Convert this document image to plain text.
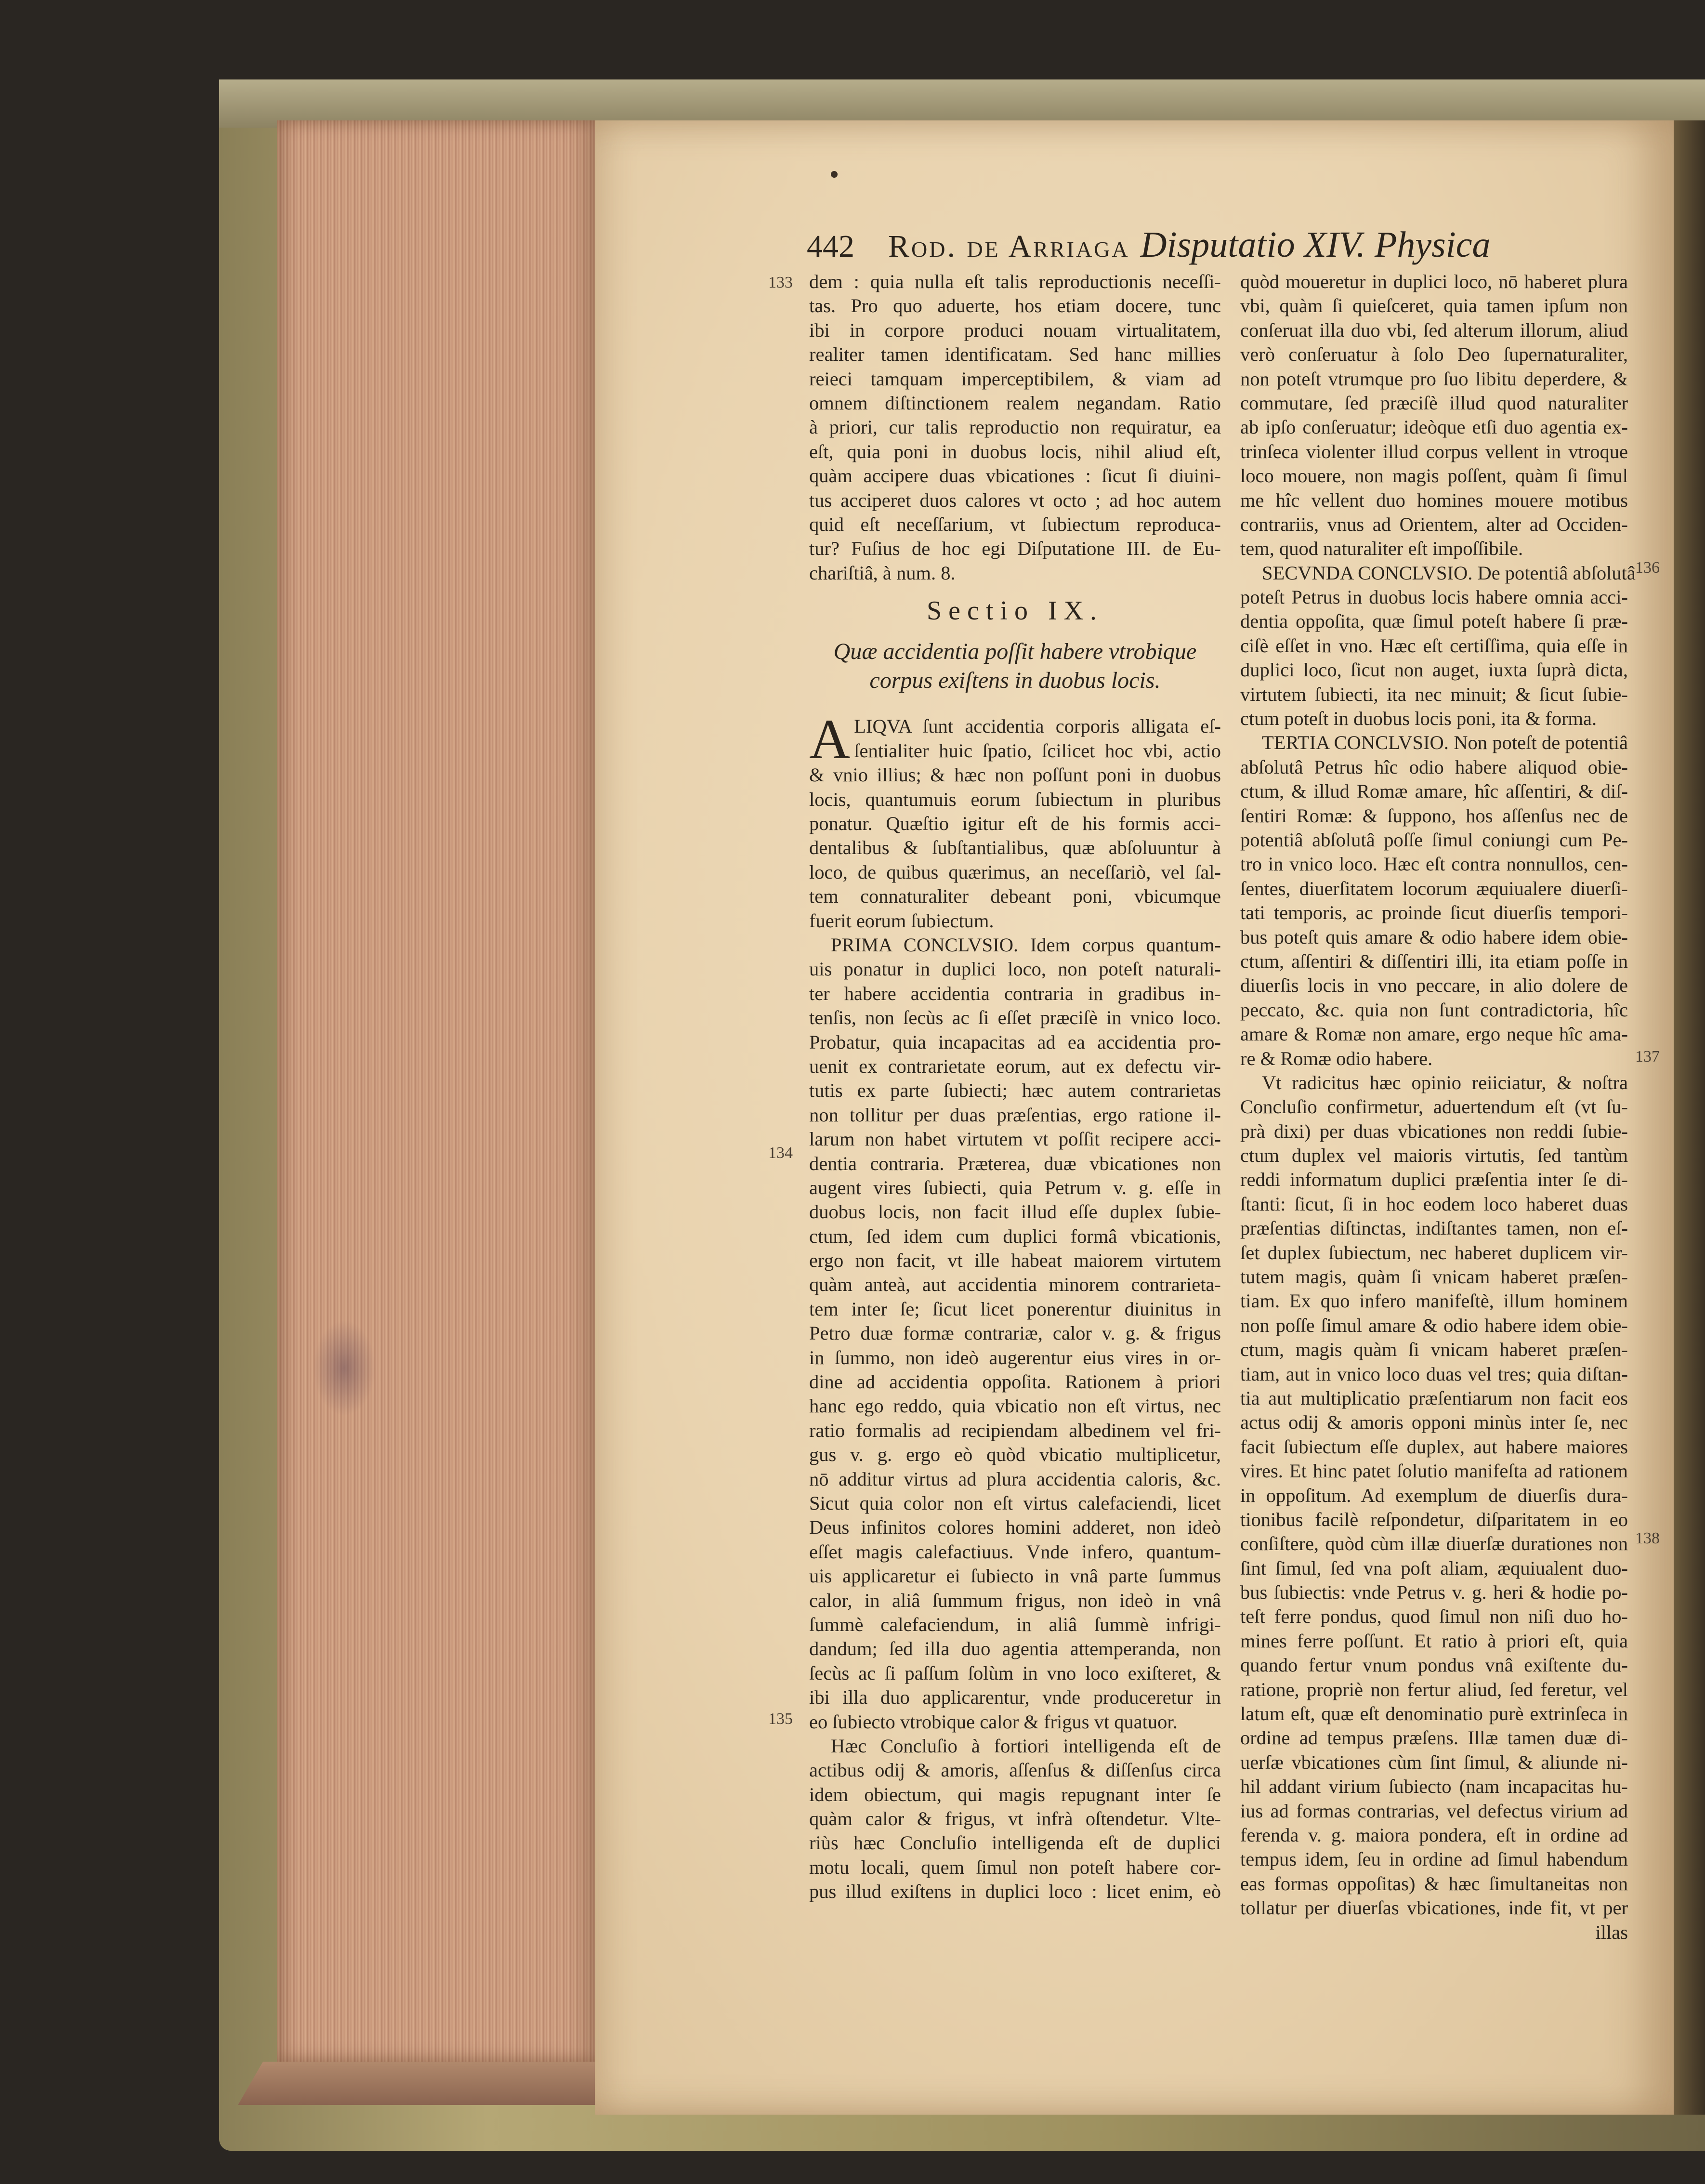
442 Rod. de Arriaga Disputatio XIV. Physica
133
134
135
136
137
138
dem : quia nulla eſt talis reproductionis neceſſi-
tas. Pro quo aduerte, hos etiam docere, tunc
ibi in corpore produci nouam virtualitatem,
realiter tamen identificatam. Sed hanc millies
reieci tamquam imperceptibilem, & viam ad
omnem diſtinctionem realem negandam. Ratio
à priori, cur talis reproductio non requiratur, ea
eſt, quia poni in duobus locis, nihil aliud eſt,
quàm accipere duas vbicationes : ſicut ſi diuini-
tus acciperet duos calores vt octo ; ad hoc autem
quid eſt neceſſarium, vt ſubiectum reproduca-
tur? Fuſius de hoc egi Diſputatione III. de Eu-
chariſtiâ, à num. 8.
Sectio IX.
Quæ accidentia poſſit habere vtrobique
corpus exiſtens in duobus locis.
A LIQVA ſunt accidentia corporis alligata eſ-
ſentialiter huic ſpatio, ſcilicet hoc vbi, actio
& vnio illius; & hæc non poſſunt poni in duobus
locis, quantumuis eorum ſubiectum in pluribus
ponatur. Quæſtio igitur eſt de his formis acci-
dentalibus & ſubſtantialibus, quæ abſoluuntur à
loco, de quibus quærimus, an neceſſariò, vel ſal-
tem connaturaliter debeant poni, vbicumque
fuerit eorum ſubiectum.
PRIMA CONCLVSIO. Idem corpus quantum-
uis ponatur in duplici loco, non poteſt naturali-
ter habere accidentia contraria in gradibus in-
tenſis, non ſecùs ac ſi eſſet præciſè in vnico loco.
Probatur, quia incapacitas ad ea accidentia pro-
uenit ex contrarietate eorum, aut ex defectu vir-
tutis ex parte ſubiecti; hæc autem contrarietas
non tollitur per duas præſentias, ergo ratione il-
larum non habet virtutem vt poſſit recipere acci-
dentia contraria. Præterea, duæ vbicationes non
augent vires ſubiecti, quia Petrum v. g. eſſe in
duobus locis, non facit illud eſſe duplex ſubie-
ctum, ſed idem cum duplici formâ vbicationis,
ergo non facit, vt ille habeat maiorem virtutem
quàm anteà, aut accidentia minorem contrarieta-
tem inter ſe; ſicut licet ponerentur diuinitus in
Petro duæ formæ contrariæ, calor v. g. & frigus
in ſummo, non ideò augerentur eius vires in or-
dine ad accidentia oppoſita. Rationem à priori
hanc ego reddo, quia vbicatio non eſt virtus, nec
ratio formalis ad recipiendam albedinem vel fri-
gus v. g. ergo eò quòd vbicatio multiplicetur,
nō additur virtus ad plura accidentia caloris, &c.
Sicut quia color non eſt virtus calefaciendi, licet
Deus infinitos colores homini adderet, non ideò
eſſet magis calefactiuus. Vnde infero, quantum-
uis applicaretur ei ſubiecto in vnâ parte ſummus
calor, in aliâ ſummum frigus, non ideò in vnâ
ſummè calefaciendum, in aliâ ſummè infrigi-
dandum; ſed illa duo agentia attemperanda, non
ſecùs ac ſi paſſum ſolùm in vno loco exiſteret, &
ibi illa duo applicarentur, vnde produceretur in
eo ſubiecto vtrobique calor & frigus vt quatuor.
Hæc Concluſio à fortiori intelligenda eſt de
actibus odij & amoris, aſſenſus & diſſenſus circa
idem obiectum, qui magis repugnant inter ſe
quàm calor & frigus, vt infrà oſtendetur. Vlte-
riùs hæc Concluſio intelligenda eſt de duplici
motu locali, quem ſimul non poteſt habere cor-
pus illud exiſtens in duplici loco : licet enim, eò
quòd moueretur in duplici loco, nō haberet plura
vbi, quàm ſi quieſceret, quia tamen ipſum non
conſeruat illa duo vbi, ſed alterum illorum, aliud
verò conſeruatur à ſolo Deo ſupernaturaliter,
non poteſt vtrumque pro ſuo libitu deperdere, &
commutare, ſed præciſè illud quod naturaliter
ab ipſo conſeruatur; ideòque etſi duo agentia ex-
trinſeca violenter illud corpus vellent in vtroque
loco mouere, non magis poſſent, quàm ſi ſimul
me hîc vellent duo homines mouere motibus
contrariis, vnus ad Orientem, alter ad Occiden-
tem, quod naturaliter eſt impoſſibile.
SECVNDA CONCLVSIO. De potentiâ abſolutâ
poteſt Petrus in duobus locis habere omnia acci-
dentia oppoſita, quæ ſimul poteſt habere ſi præ-
ciſè eſſet in vno. Hæc eſt certiſſima, quia eſſe in
duplici loco, ſicut non auget, iuxta ſuprà dicta,
virtutem ſubiecti, ita nec minuit; & ſicut ſubie-
ctum poteſt in duobus locis poni, ita & forma.
TERTIA CONCLVSIO. Non poteſt de potentiâ
abſolutâ Petrus hîc odio habere aliquod obie-
ctum, & illud Romæ amare, hîc aſſentiri, & diſ-
ſentiri Romæ: & ſuppono, hos aſſenſus nec de
potentiâ abſolutâ poſſe ſimul coniungi cum Pe-
tro in vnico loco. Hæc eſt contra nonnullos, cen-
ſentes, diuerſitatem locorum æquiualere diuerſi-
tati temporis, ac proinde ſicut diuerſis tempori-
bus poteſt quis amare & odio habere idem obie-
ctum, aſſentiri & diſſentiri illi, ita etiam poſſe in
diuerſis locis in vno peccare, in alio dolere de
peccato, &c. quia non ſunt contradictoria, hîc
amare & Romæ non amare, ergo neque hîc ama-
re & Romæ odio habere.
Vt radicitus hæc opinio reiiciatur, & noſtra
Concluſio confirmetur, aduertendum eſt (vt ſu-
prà dixi) per duas vbicationes non reddi ſubie-
ctum duplex vel maioris virtutis, ſed tantùm
reddi informatum duplici præſentia inter ſe di-
ſtanti: ſicut, ſi in hoc eodem loco haberet duas
præſentias diſtinctas, indiſtantes tamen, non eſ-
ſet duplex ſubiectum, nec haberet duplicem vir-
tutem magis, quàm ſi vnicam haberet præſen-
tiam. Ex quo infero manifeſtè, illum hominem
non poſſe ſimul amare & odio habere idem obie-
ctum, magis quàm ſi vnicam haberet præſen-
tiam, aut in vnico loco duas vel tres; quia diſtan-
tia aut multiplicatio præſentiarum non facit eos
actus odij & amoris opponi minùs inter ſe, nec
facit ſubiectum eſſe duplex, aut habere maiores
vires. Et hinc patet ſolutio manifeſta ad rationem
in oppoſitum. Ad exemplum de diuerſis dura-
tionibus facilè reſpondetur, diſparitatem in eo
conſiſtere, quòd cùm illæ diuerſæ durationes non
ſint ſimul, ſed vna poſt aliam, æquiualent duo-
bus ſubiectis: vnde Petrus v. g. heri & hodie po-
teſt ferre pondus, quod ſimul non niſi duo ho-
mines ferre poſſunt. Et ratio à priori eſt, quia
quando fertur vnum pondus vnâ exiſtente du-
ratione, propriè non fertur aliud, ſed feretur, vel
latum eſt, quæ eſt denominatio purè extrinſeca in
ordine ad tempus præſens. Illæ tamen duæ di-
uerſæ vbicationes cùm ſint ſimul, & aliunde ni-
hil addant virium ſubiecto (nam incapacitas hu-
ius ad formas contrarias, vel defectus virium ad
ferenda v. g. maiora pondera, eſt in ordine ad
tempus idem, ſeu in ordine ad ſimul habendum
eas formas oppoſitas) & hæc ſimultaneitas non
tollatur per diuerſas vbicationes, inde fit, vt per
illas
